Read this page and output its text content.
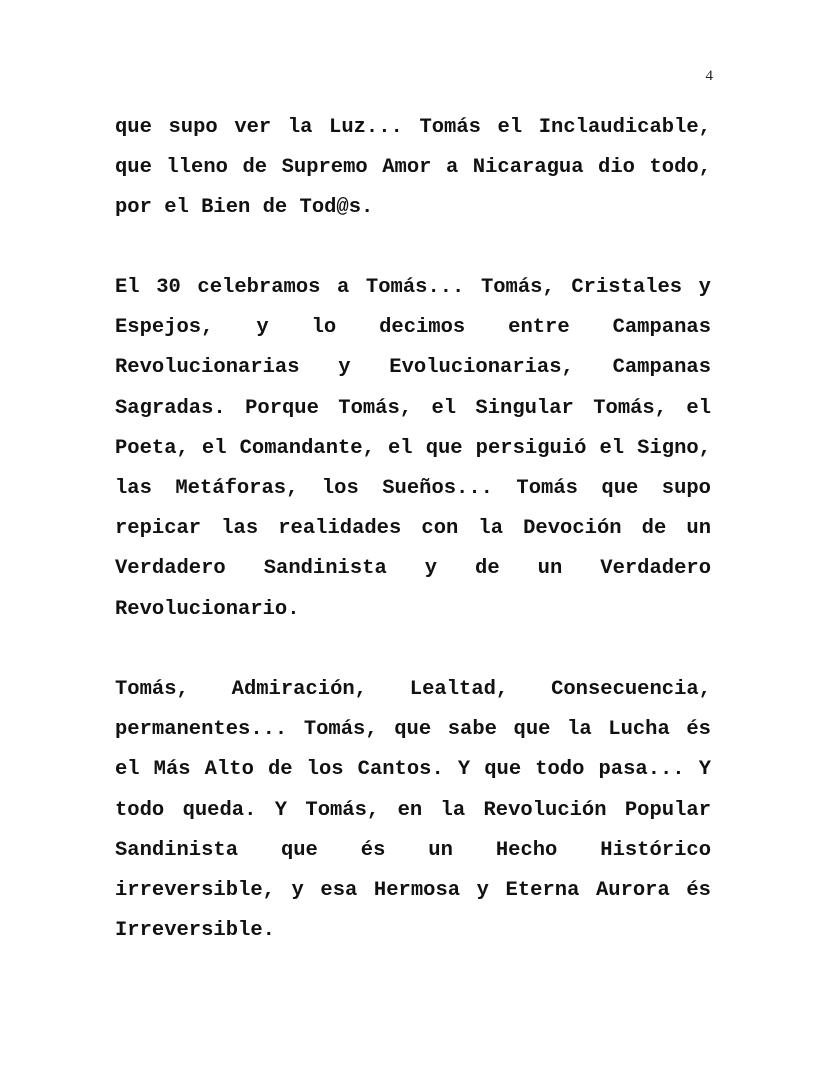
4

que supo ver la Luz... Tomás el Inclaudicable, que lleno de Supremo Amor a Nicaragua dio todo, por el Bien de Tod@s.

El 30 celebramos a Tomás... Tomás, Cristales y Espejos, y lo decimos entre Campanas Revolucionarias y Evolucionarias, Campanas Sagradas. Porque Tomás, el Singular Tomás, el Poeta, el Comandante, el que persiguió el Signo, las Metáforas, los Sueños... Tomás que supo repicar las realidades con la Devoción de un Verdadero Sandinista y de un Verdadero Revolucionario.

Tomás, Admiración, Lealtad, Consecuencia, permanentes... Tomás, que sabe que la Lucha és el Más Alto de los Cantos. Y que todo pasa... Y todo queda. Y Tomás, en la Revolución Popular Sandinista que és un Hecho Histórico irreversible, y esa Hermosa y Eterna Aurora és Irreversible.
